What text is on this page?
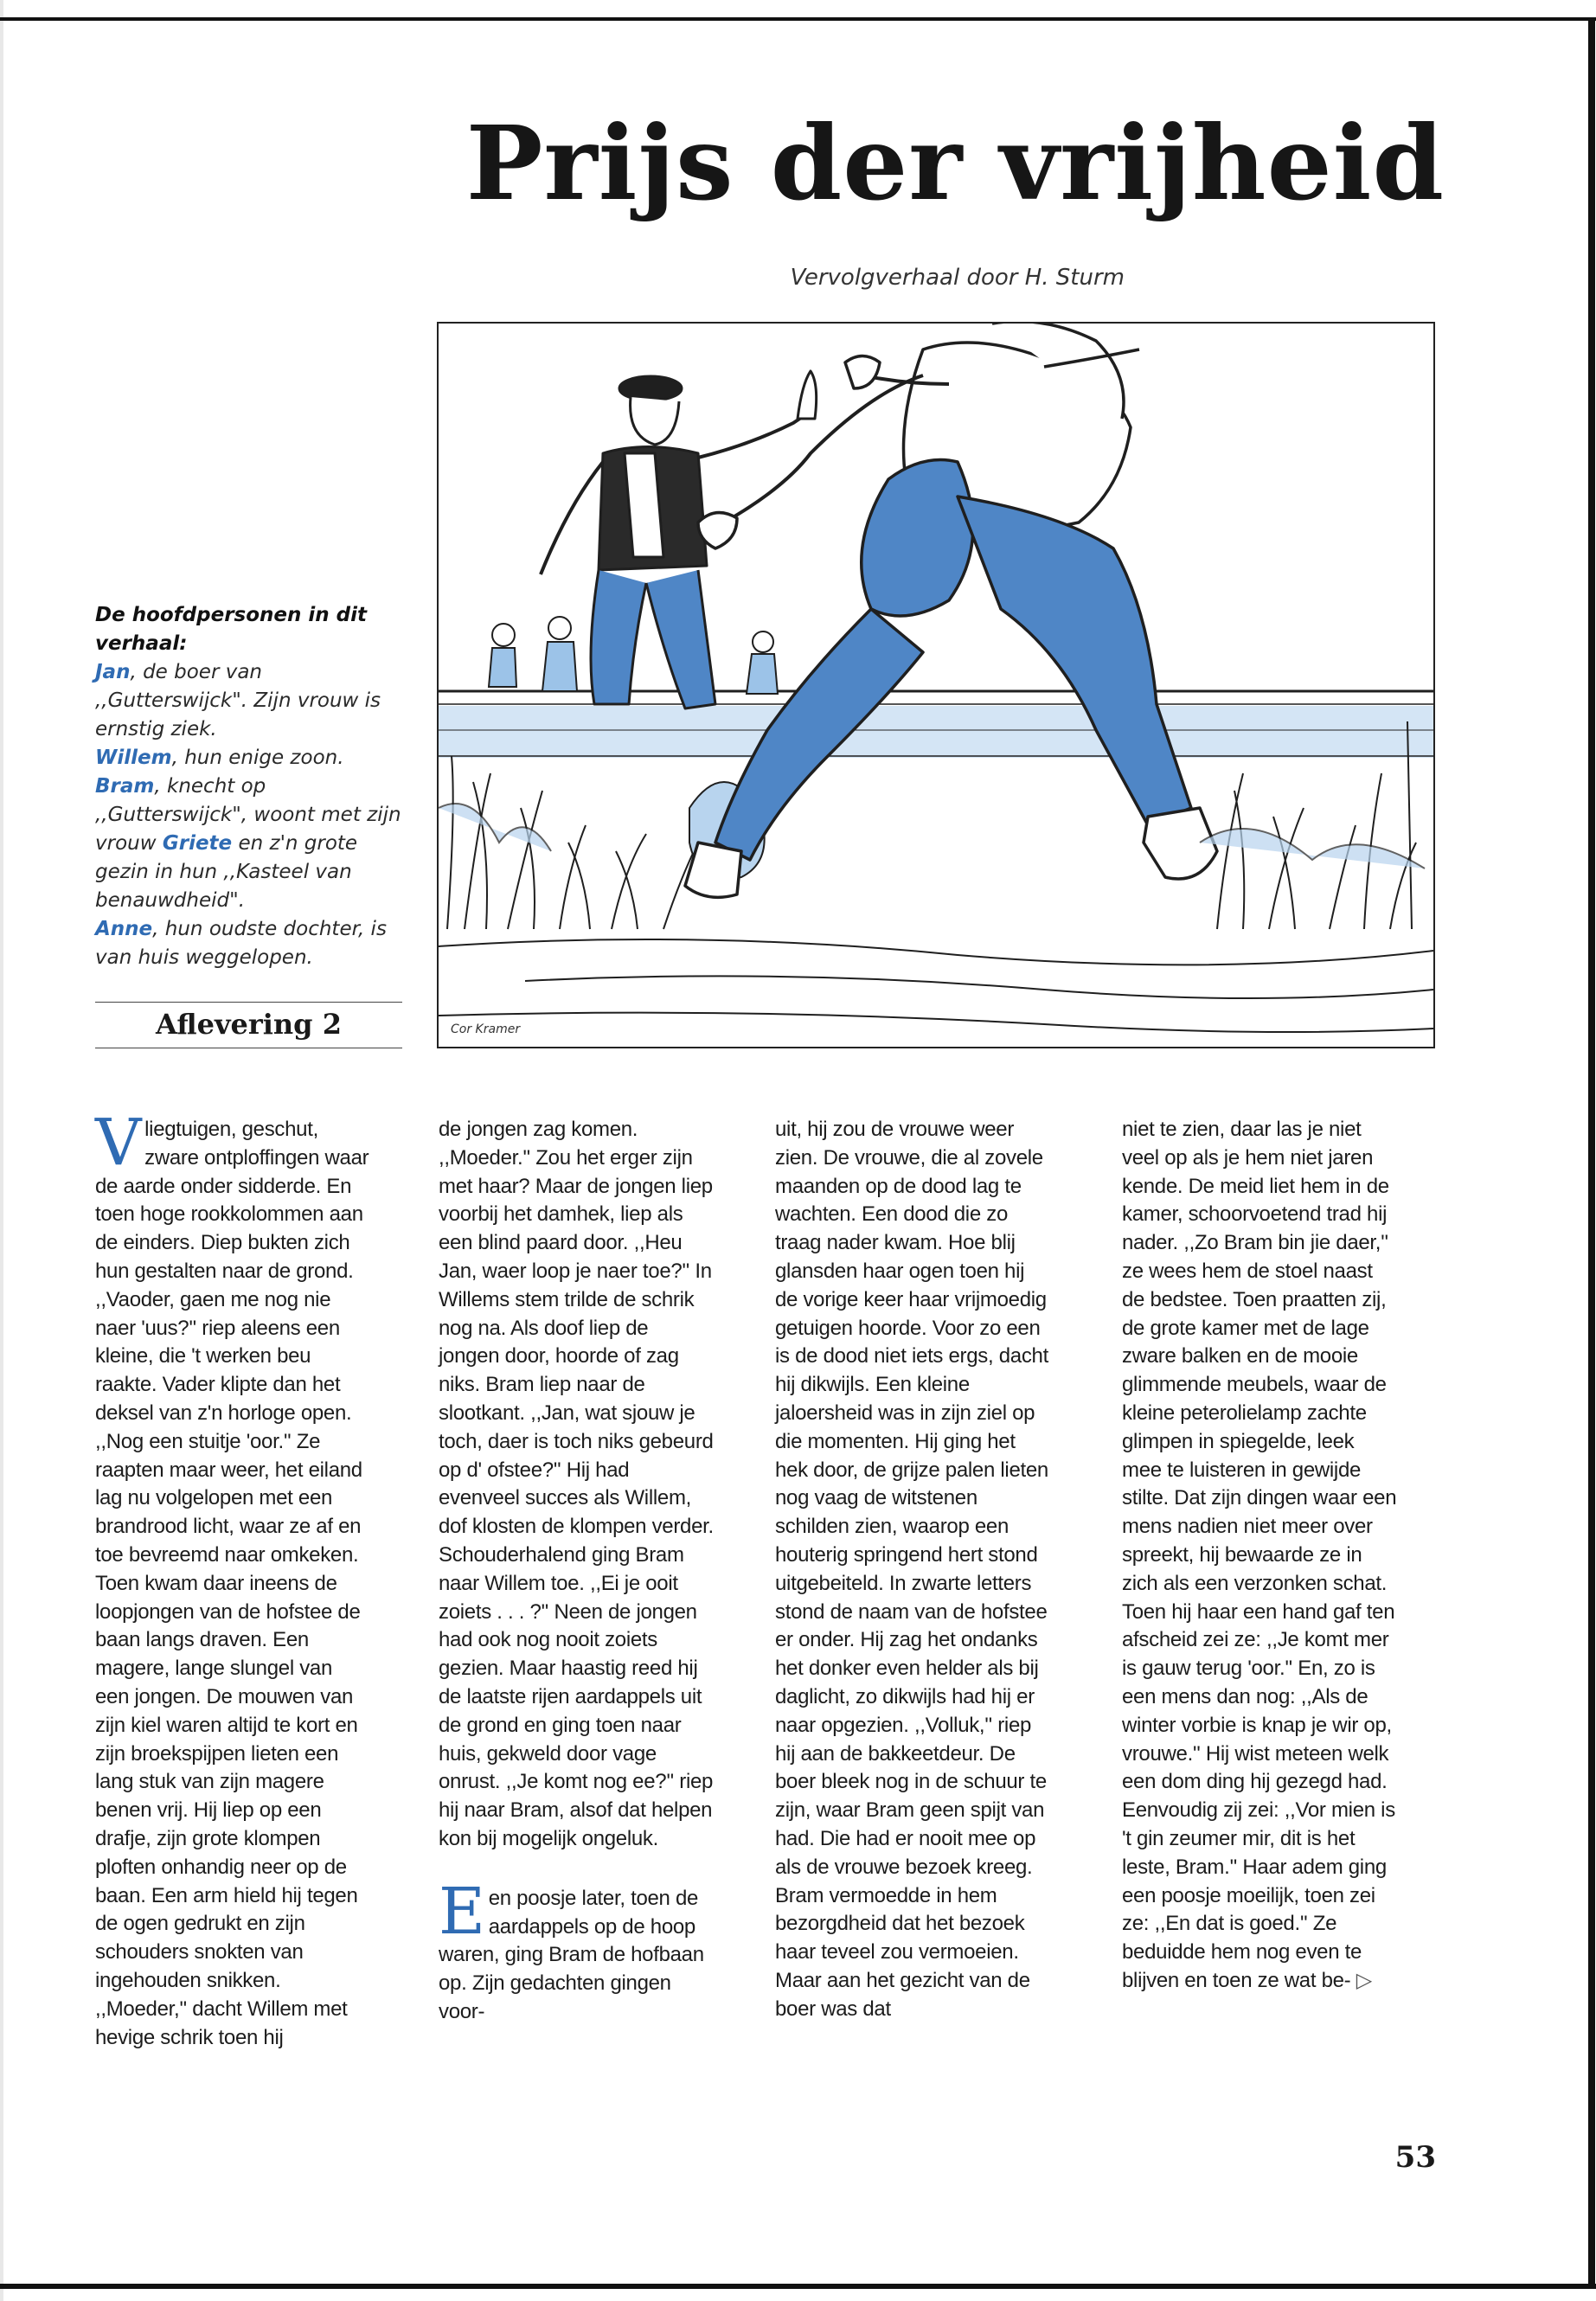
Prijs der vrijheid

Vervolgverhaal door H. Sturm

Cor Kramer
De hoofdpersonen in dit verhaal:
Jan, de boer van ,,Gutterswijck". Zijn vrouw is ernstig ziek.
Willem, hun enige zoon.
Bram, knecht op ,,Gutterswijck", woont met zijn vrouw Griete en z'n grote gezin in hun ,,Kasteel van benauwdheid".
Anne, hun oudste dochter, is van huis weggelopen.
Aflevering 2

Vliegtuigen, geschut, zware ontploffingen waar de aarde onder sidderde. En toen hoge rookkolommen aan de einders. Diep bukten zich hun gestalten naar de grond. ,,Vaoder, gaen me nog nie naer 'uus?'' riep aleens een kleine, die 't werken beu raakte. Vader klipte dan het deksel van z'n horloge open. ,,Nog een stuitje 'oor.'' Ze raapten maar weer, het eiland lag nu volgelopen met een brandrood licht, waar ze af en toe bevreemd naar omkeken. Toen kwam daar ineens de loopjongen van de hofstee de baan langs draven. Een magere, lange slungel van een jongen. De mouwen van zijn kiel waren altijd te kort en zijn broekspijpen lieten een lang stuk van zijn magere benen vrij. Hij liep op een drafje, zijn grote klompen ploften onhandig neer op de baan. Een arm hield hij tegen de ogen gedrukt en zijn schouders snokten van ingehouden snikken. ,,Moeder,'' dacht Willem met hevige schrik toen hij

de jongen zag komen. ,,Moeder.'' Zou het erger zijn met haar? Maar de jongen liep voorbij het damhek, liep als een blind paard door. ,,Heu Jan, waer loop je naer toe?'' In Willems stem trilde de schrik nog na. Als doof liep de jongen door, hoorde of zag niks. Bram liep naar de slootkant. ,,Jan, wat sjouw je toch, daer is toch niks gebeurd op d' ofstee?'' Hij had evenveel succes als Willem, dof klosten de klompen verder. Schouderhalend ging Bram naar Willem toe. ,,Ei je ooit zoiets . . . ?'' Neen de jongen had ook nog nooit zoiets gezien. Maar haastig reed hij de laatste rijen aardappels uit de grond en ging toen naar huis, gekweld door vage onrust. ,,Je komt nog ee?'' riep hij naar Bram, alsof dat helpen kon bij mogelijk ongeluk.

Een poosje later, toen de aardappels op de hoop waren, ging Bram de hofbaan op. Zijn gedachten gingen voor-

uit, hij zou de vrouwe weer zien. De vrouwe, die al zovele maanden op de dood lag te wachten. Een dood die zo traag nader kwam. Hoe blij glansden haar ogen toen hij de vorige keer haar vrijmoedig getuigen hoorde. Voor zo een is de dood niet iets ergs, dacht hij dikwijls. Een kleine jaloersheid was in zijn ziel op die momenten. Hij ging het hek door, de grijze palen lieten nog vaag de witstenen schilden zien, waarop een houterig springend hert stond uitgebeiteld. In zwarte letters stond de naam van de hofstee er onder. Hij zag het ondanks het donker even helder als bij daglicht, zo dikwijls had hij er naar opgezien. ,,Volluk,'' riep hij aan de bakkeetdeur. De boer bleek nog in de schuur te zijn, waar Bram geen spijt van had. Die had er nooit mee op als de vrouwe bezoek kreeg. Bram vermoedde in hem bezorgdheid dat het bezoek haar teveel zou vermoeien. Maar aan het gezicht van de boer was dat

niet te zien, daar las je niet veel op als je hem niet jaren kende. De meid liet hem in de kamer, schoorvoetend trad hij nader. ,,Zo Bram bin jie daer,'' ze wees hem de stoel naast de bedstee. Toen praatten zij, de grote kamer met de lage zware balken en de mooie glimmende meubels, waar de kleine peterolielamp zachte glimpen in spiegelde, leek mee te luisteren in gewijde stilte. Dat zijn dingen waar een mens nadien niet meer over spreekt, hij bewaarde ze in zich als een verzonken schat. Toen hij haar een hand gaf ten afscheid zei ze: ,,Je komt mer is gauw terug 'oor.'' En, zo is een mens dan nog: ,,Als de winter vorbie is knap je wir op, vrouwe.'' Hij wist meteen welk een dom ding hij gezegd had. Eenvoudig zij zei: ,,Vor mien is 't gin zeumer mir, dit is het leste, Bram.'' Haar adem ging een poosje moeilijk, toen zei ze: ,,En dat is goed.'' Ze beduidde hem nog even te blijven en toen ze wat be- ▷

53
